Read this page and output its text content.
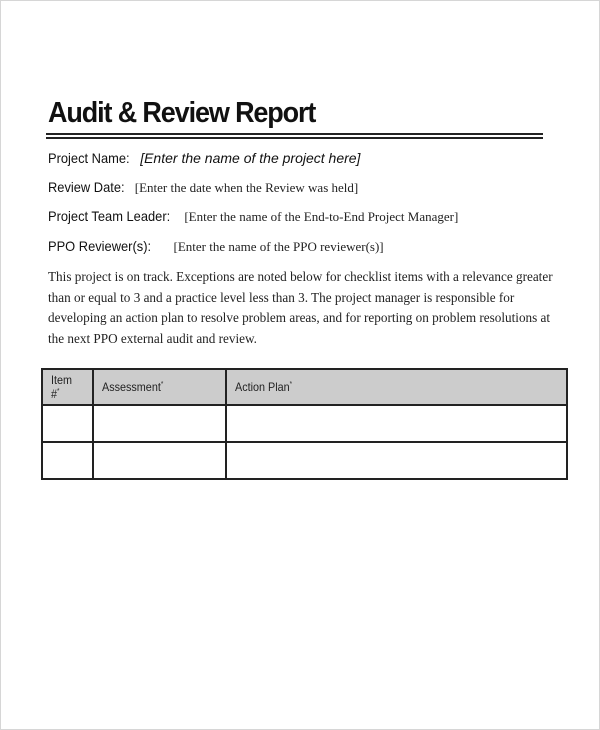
Audit & Review Report
Project Name: [Enter the name of the project here]
Review Date: [Enter the date when the Review was held]
Project Team Leader: [Enter the name of the End-to-End Project Manager]
PPO Reviewer(s): [Enter the name of the PPO reviewer(s)]
This project is on track. Exceptions are noted below for checklist items with a relevance greater than or equal to 3 and a practice level less than 3. The project manager is responsible for developing an action plan to resolve problem areas, and for reporting on problem resolutions at the next PPO external audit and review.
Item #*	Assessment*	Action Plan*
